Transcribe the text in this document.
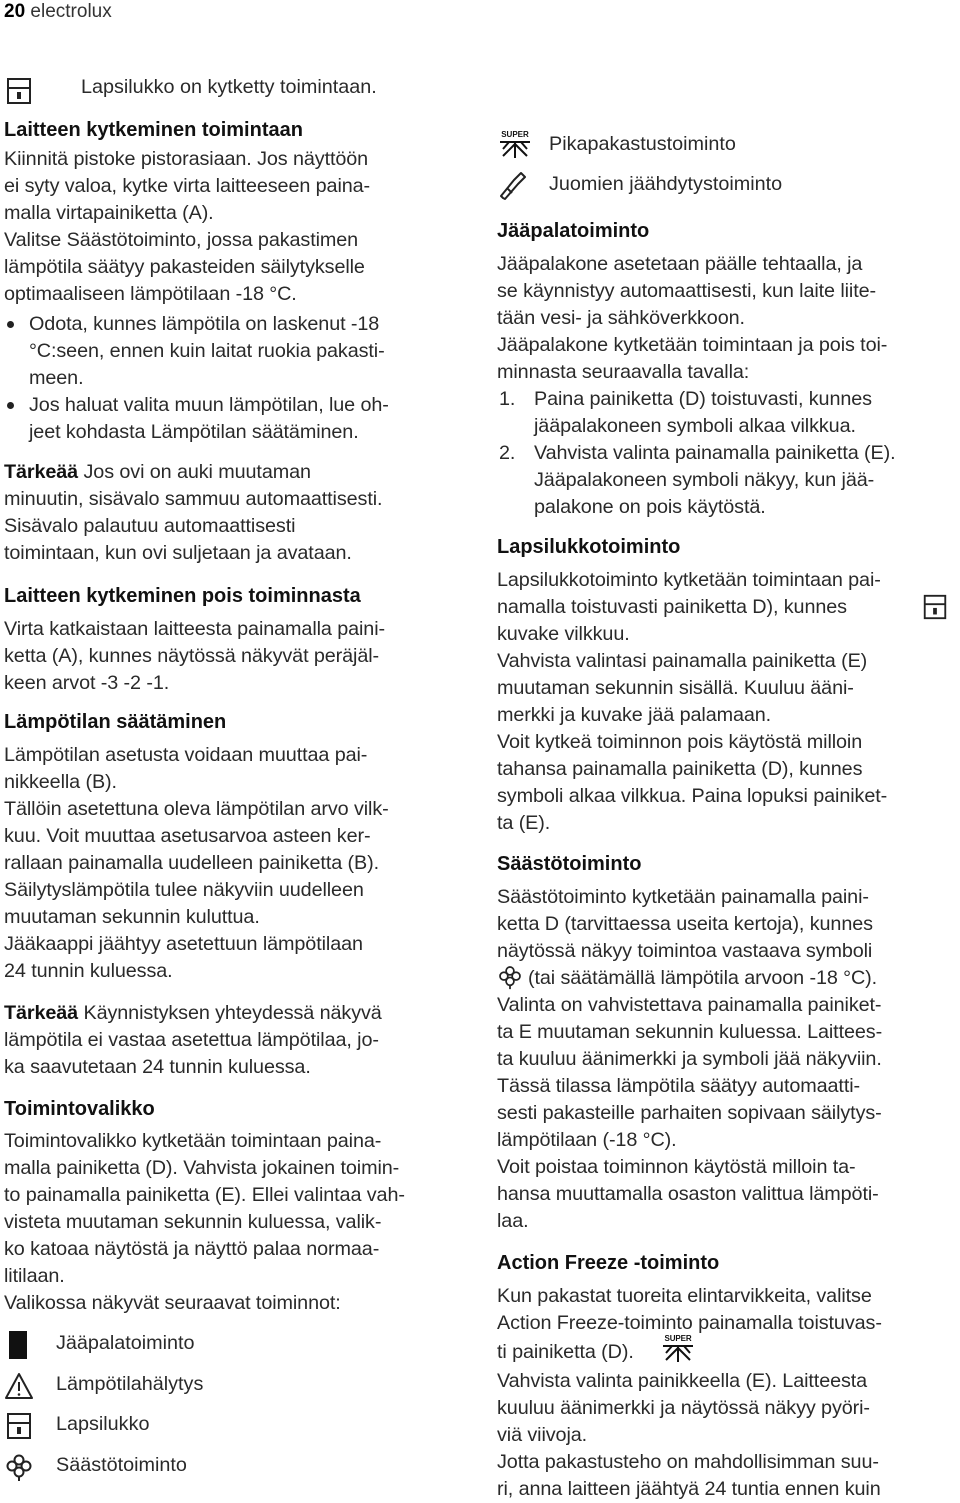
20 electrolux
Lapsilukko on kytketty toimintaan.

Laitteen kytkeminen toimintaan

Kiinnitä pistoke pistorasiaan. Jos näyttöön

ei syty valoa, kytke virta laitteeseen paina-

malla virtapainiketta (A).

Valitse Säästötoiminto, jossa pakastimen

lämpötila säätyy pakasteiden säilytykselle

optimaaliseen lämpötilaan -18 °C.

Odota, kunnes lämpötila on laskenut -18

°C:seen, ennen kuin laitat ruokia pakasti-

meen.

Jos haluat valita muun lämpötilan, lue oh-

jeet kohdasta Lämpötilan säätäminen.

Tärkeää Jos ovi on auki muutaman

minuutin, sisävalo sammuu automaattisesti.

Sisävalo palautuu automaattisesti

toimintaan, kun ovi suljetaan ja avataan.

Laitteen kytkeminen pois toiminnasta

Virta katkaistaan laitteesta painamalla paini-

ketta (A), kunnes näytössä näkyvät peräjäl-

keen arvot -3 -2 -1.

Lämpötilan säätäminen

Lämpötilan asetusta voidaan muuttaa pai-

nikkeella (B).

Tällöin asetettuna oleva lämpötilan arvo vilk-

kuu. Voit muuttaa asetusarvoa asteen ker-

rallaan painamalla uudelleen painiketta (B).

Säilytyslämpötila tulee näkyviin uudelleen

muutaman sekunnin kuluttua.

Jääkaappi jäähtyy asetettuun lämpötilaan

24 tunnin kuluessa.

Tärkeää Käynnistyksen yhteydessä näkyvä

lämpötila ei vastaa asetettua lämpötilaa, jo-

ka saavutetaan 24 tunnin kuluessa.

Toimintovalikko

Toimintovalikko kytketään toimintaan paina-

malla painiketta (D). Vahvista jokainen toimin-

to painamalla painiketta (E). Ellei valintaa vah-

visteta muutaman sekunnin kuluessa, valik-

ko katoaa näytöstä ja näyttö palaa normaa-

litilaan.

Valikossa näkyvät seuraavat toiminnot:

Jääpalatoiminto
Lämpötilahälytys
Lapsilukko
Säästötoiminto
SUPER Pikapakastustoiminto
Juomien jäähdytystoiminto

Jääpalatoiminto

Jääpalakone asetetaan päälle tehtaalla, ja

se käynnistyy automaattisesti, kun laite liite-

tään vesi- ja sähköverkkoon.

Jääpalakone kytketään toimintaan ja pois toi-

minnasta seuraavalla tavalla:

1. Paina painiketta (D) toistuvasti, kunnes

jääpalakoneen symboli alkaa vilkkua.

2. Vahvista valinta painamalla painiketta (E).

Jääpalakoneen symboli näkyy, kun jää-

palakone on pois käytöstä.

Lapsilukkotoiminto

Lapsilukkotoiminto kytketään toimintaan pai-

namalla toistuvasti painiketta D), kunnes

kuvake vilkkuu.

Vahvista valintasi painamalla painiketta (E)

muutaman sekunnin sisällä. Kuuluu ääni-

merkki ja kuvake jää palamaan.

Voit kytkeä toiminnon pois käytöstä milloin

tahansa painamalla painiketta (D), kunnes

symboli alkaa vilkkua. Paina lopuksi painiket-

ta (E).

Säästötoiminto

Säästötoiminto kytketään painamalla paini-

ketta D (tarvittaessa useita kertoja), kunnes

näytössä näkyy toimintoa vastaava symboli

(tai säätämällä lämpötila arvoon -18 °C).

Valinta on vahvistettava painamalla painiket-

ta E muutaman sekunnin kuluessa. Laittees-

ta kuuluu äänimerkki ja symboli jää näkyviin.

Tässä tilassa lämpötila säätyy automaatti-

sesti pakasteille parhaiten sopivaan säilytys-

lämpötilaan (-18 °C).

Voit poistaa toiminnon käytöstä milloin ta-

hansa muuttamalla osaston valittua lämpöti-

laa.

Action Freeze -toiminto

Kun pakastat tuoreita elintarvikkeita, valitse

Action Freeze-toiminto painamalla toistuvas-

ti painiketta (D).
SUPER

Vahvista valinta painikkeella (E). Laitteesta

kuuluu äänimerkki ja näytössä näkyy pyöri-

viä viivoja.

Jotta pakastusteho on mahdollisimman suu-

ri, anna laitteen jäähtyä 24 tuntia ennen kuin
